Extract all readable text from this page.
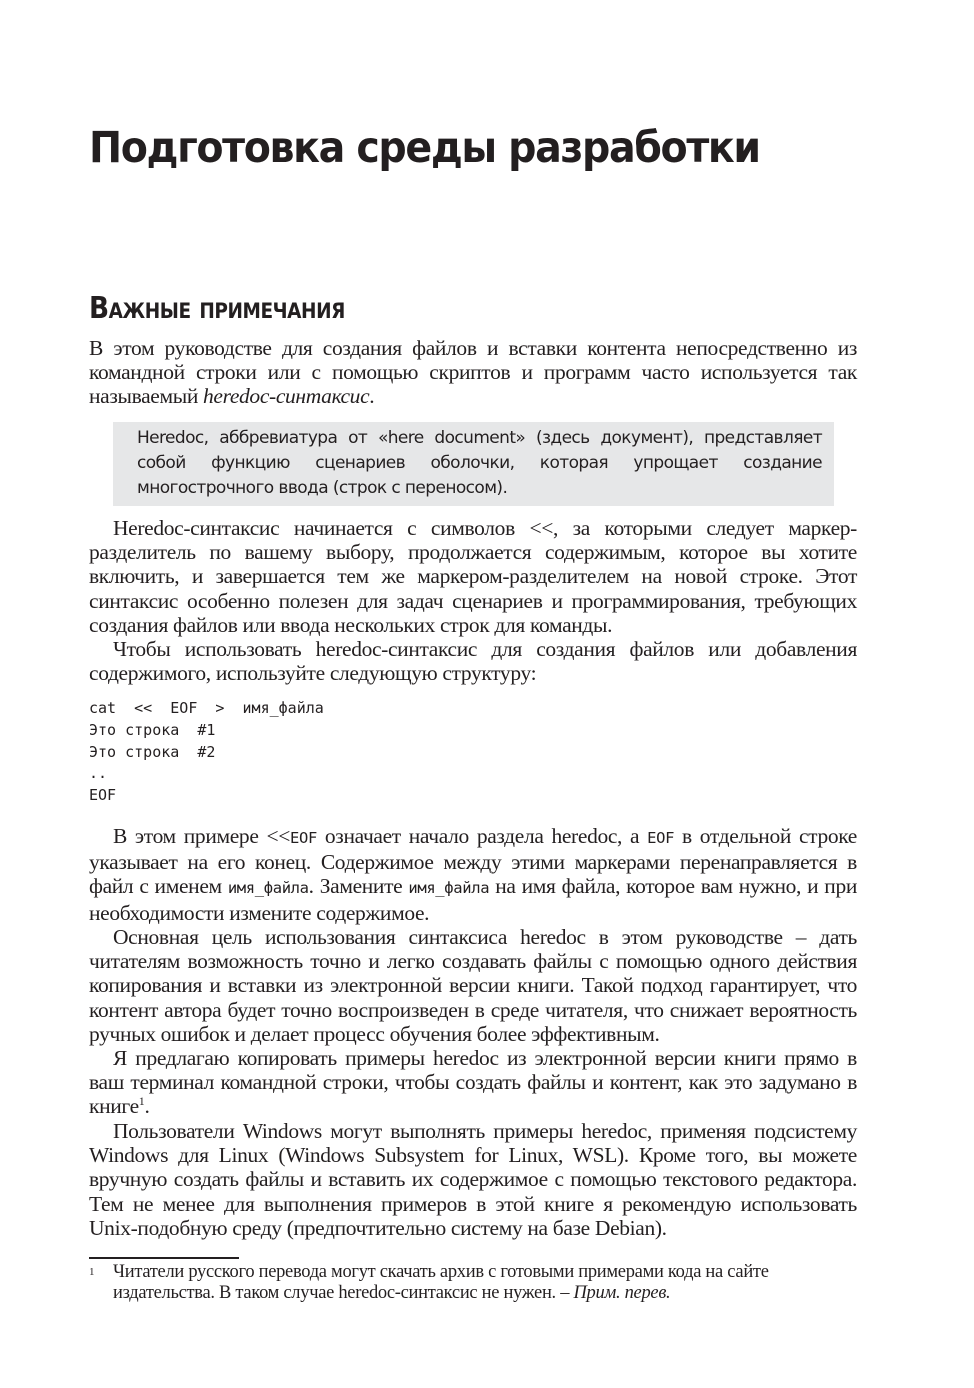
Подготовка среды разработки
Важные примечания

В этом руководстве для создания файлов и вставки контента непосредственно из командной строки или с помощью скриптов и программ часто используется так называемый heredoc-синтаксис.

Heredoc, аббревиатура от «here document» (здесь документ), представляет собой функцию сценариев оболочки, которая упрощает создание многострочного ввода (строк с переносом).

Heredoc-синтаксис начинается с символов <<, за которыми следует маркер-разделитель по вашему выбору, продолжается содержимым, которое вы хотите включить, и завершается тем же маркером-разделителем на новой строке. Этот синтаксис особенно полезен для задач сценариев и программирования, требующих создания файлов или ввода нескольких строк для команды.

Чтобы использовать heredoc-синтаксис для создания файлов или добавления содержимого, используйте следующую структуру:

cat  <<  EOF  >  имя_файла
Это строка  #1
Это строка  #2
..
EOF

В этом примере <<EOF означает начало раздела heredoc, а EOF в отдельной строке указывает на его конец. Содержимое между этими маркерами перенаправляется в файл с именем имя_файла. Замените имя_файла на имя файла, которое вам нужно, и при необходимости измените содержимое.

Основная цель использования синтаксиса heredoc в этом руководстве – дать читателям возможность точно и легко создавать файлы с помощью одного действия копирования и вставки из электронной версии книги. Такой подход гарантирует, что контент автора будет точно воспроизведен в среде читателя, что снижает вероятность ручных ошибок и делает процесс обучения более эффективным.

Я предлагаю копировать примеры heredoc из электронной версии книги прямо в ваш терминал командной строки, чтобы создать файлы и контент, как это задумано в книге$^1$.

Пользователи Windows могут выполнять примеры heredoc, применяя подсистему Windows для Linux (Windows Subsystem for Linux, WSL). Кроме того, вы можете вручную создать файлы и вставить их содержимое с помощью текстового редактора. Тем не менее для выполнения примеров в этой книге я рекомендую использовать Unix-подобную среду (предпочтительно систему на базе Debian).

1 Читатели русского перевода могут скачать архив с готовыми примерами кода на сайте издательства. В таком случае heredoc-синтаксис не нужен. – Прим. перев.
